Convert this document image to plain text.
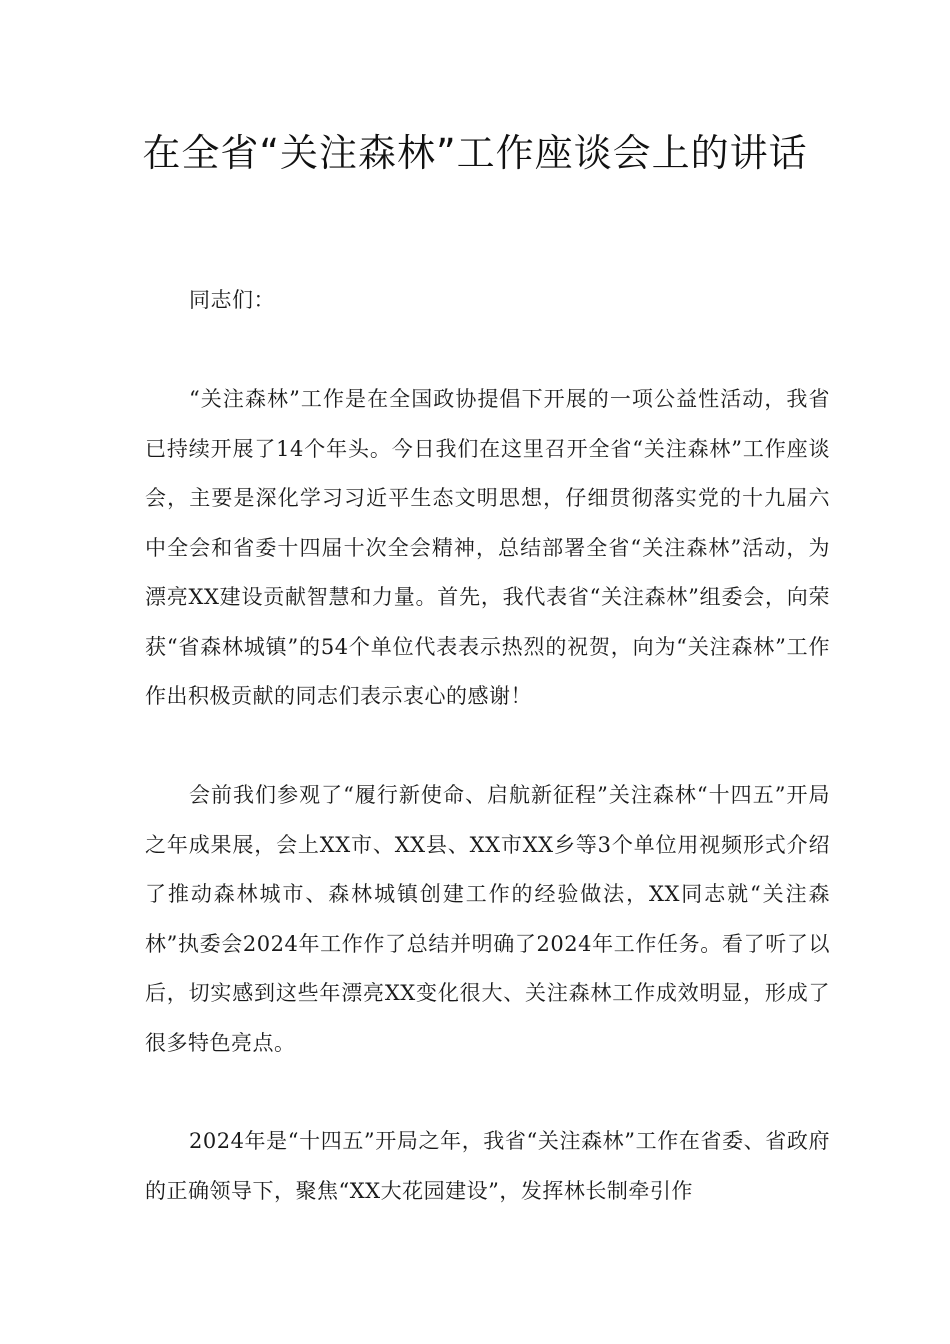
在全省“关注森林”工作座谈会上的讲话

同志们：

“关注森林”工作是在全国政协提倡下开展的一项公益性活动，我省已持续开展了14个年头。今日我们在这里召开全省“关注森林”工作座谈会，主要是深化学习习近平生态文明思想，仔细贯彻落实党的十九届六中全会和省委十四届十次全会精神，总结部署全省“关注森林”活动，为漂亮XX建设贡献智慧和力量。首先，我代表省“关注森林”组委会，向荣获“省森林城镇”的54个单位代表表示热烈的祝贺，向为“关注森林”工作作出积极贡献的同志们表示衷心的感谢！

会前我们参观了“履行新使命、启航新征程”关注森林“十四五”开局之年成果展，会上XX市、XX县、XX市XX乡等3个单位用视频形式介绍了推动森林城市、森林城镇创建工作的经验做法，XX同志就“关注森林”执委会2024年工作作了总结并明确了2024年工作任务。看了听了以后，切实感到这些年漂亮XX变化很大、关注森林工作成效明显，形成了很多特色亮点。

2024年是“十四五”开局之年，我省“关注森林”工作在省委、省政府的正确领导下，聚焦“XX大花园建设”，发挥林长制牵引作
